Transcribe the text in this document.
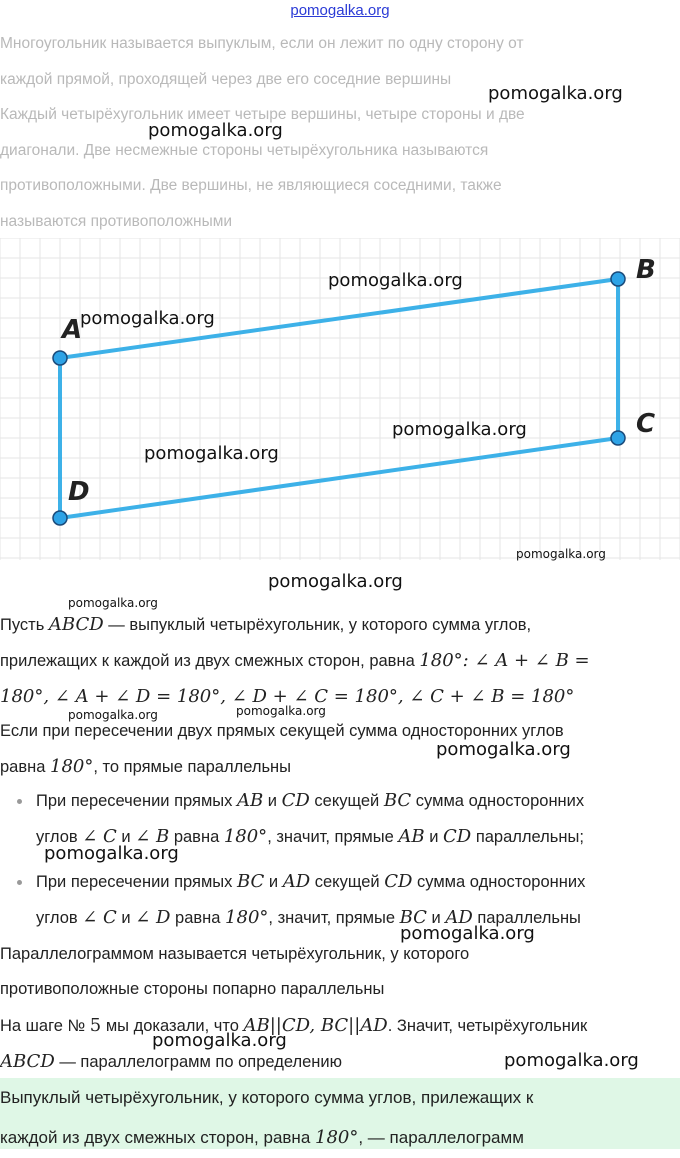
pomogalka.org
Многоугольник называется выпуклым, если он лежит по одну сторону от
каждой прямой, проходящей через две его соседние вершины
Каждый четырёхугольник имеет четыре вершины, четыре стороны и две
диагонали. Две несмежные стороны четырёхугольника называются
противоположными. Две вершины, не являющиеся соседними, также
называются противоположными
A
B
C
D
Пусть ABCD — выпуклый четырёхугольник, у которого сумма углов,
прилежащих к каждой из двух смежных сторон, равна 180°: ∠ A + ∠ B =
180°, ∠ A + ∠ D = 180°, ∠ D + ∠ C = 180°, ∠ C + ∠ B = 180°
Если при пересечении двух прямых секущей сумма односторонних углов
равна 180°, то прямые параллельны
При пересечении прямых AB и CD секущей BC сумма односторонних
углов ∠ C и ∠ B равна 180°, значит, прямые AB и CD параллельны;
При пересечении прямых BC и AD секущей CD сумма односторонних
углов ∠ C и ∠ D равна 180°, значит, прямые BC и AD параллельны
Параллелограммом называется четырёхугольник, у которого
противоположные стороны попарно параллельны
На шаге № 5 мы доказали, что AB||CD, BC||AD. Значит, четырёхугольник
ABCD — параллелограмм по определению
Выпуклый четырёхугольник, у которого сумма углов, прилежащих к
каждой из двух смежных сторон, равна 180°, — параллелограмм
pomogalka.org
pomogalka.org
pomogalka.org
pomogalka.org
pomogalka.org
pomogalka.org
pomogalka.org
pomogalka.org
pomogalka.org
pomogalka.org	pomogalka.org
pomogalka.org
pomogalka.org
pomogalka.org
pomogalka.org
pomogalka.org
